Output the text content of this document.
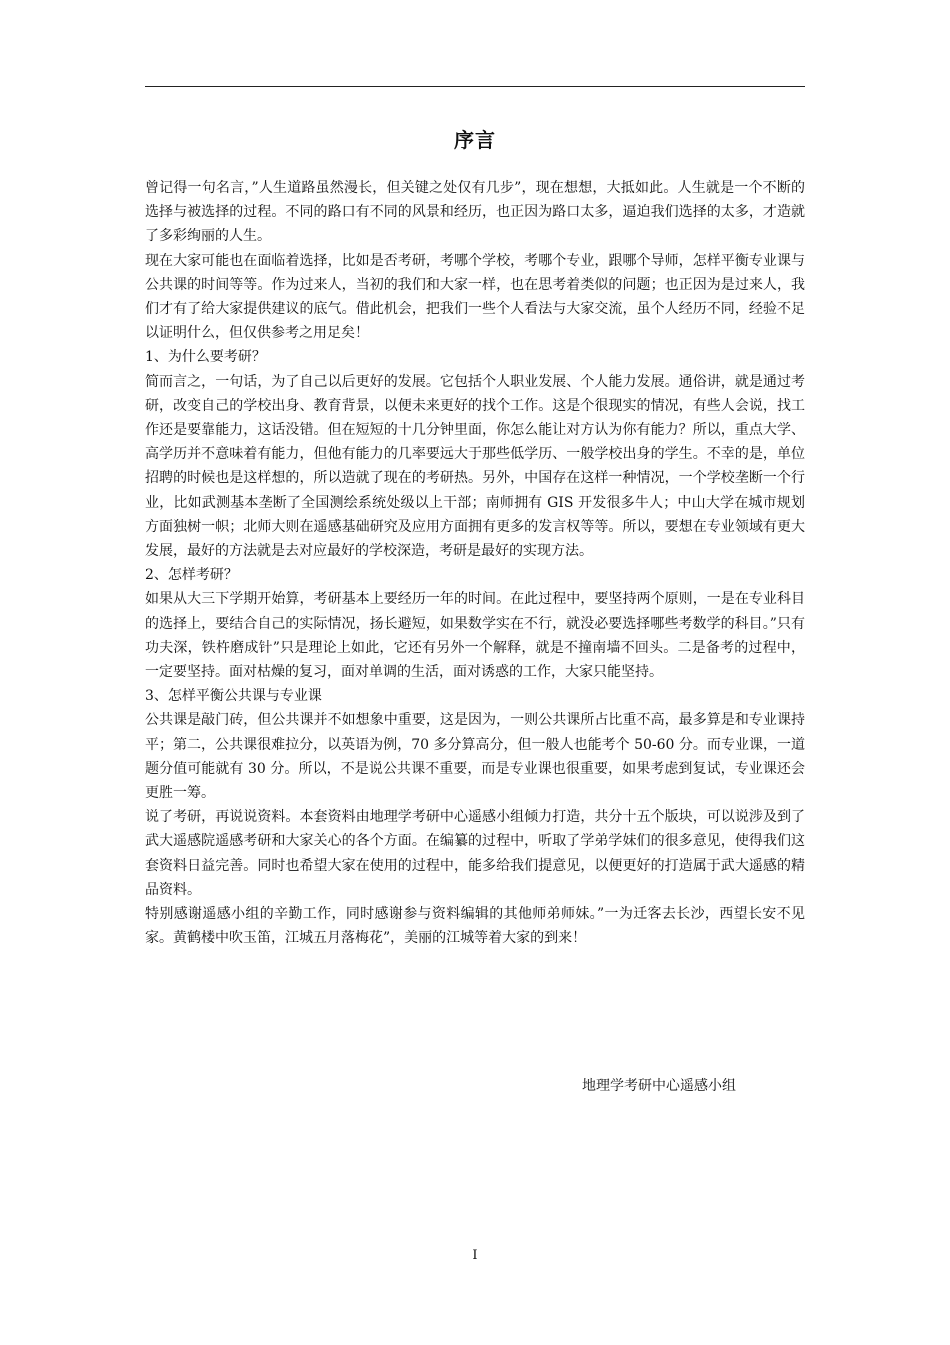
序言

曾记得一句名言，”人生道路虽然漫长，但关键之处仅有几步”，现在想想，大抵如此。人生就是一个不断的选择与被选择的过程。不同的路口有不同的风景和经历，也正因为路口太多，逼迫我们选择的太多，才造就了多彩绚丽的人生。

现在大家可能也在面临着选择，比如是否考研，考哪个学校，考哪个专业，跟哪个导师，怎样平衡专业课与公共课的时间等等。作为过来人，当初的我们和大家一样，也在思考着类似的问题；也正因为是过来人，我们才有了给大家提供建议的底气。借此机会，把我们一些个人看法与大家交流，虽个人经历不同，经验不足以证明什么，但仅供参考之用足矣！

1、为什么要考研？

简而言之，一句话，为了自己以后更好的发展。它包括个人职业发展、个人能力发展。通俗讲，就是通过考研，改变自己的学校出身、教育背景，以便未来更好的找个工作。这是个很现实的情况，有些人会说，找工作还是要靠能力，这话没错。但在短短的十几分钟里面，你怎么能让对方认为你有能力？所以，重点大学、高学历并不意味着有能力，但他有能力的几率要远大于那些低学历、一般学校出身的学生。不幸的是，单位招聘的时候也是这样想的，所以造就了现在的考研热。另外，中国存在这样一种情况，一个学校垄断一个行业，比如武测基本垄断了全国测绘系统处级以上干部；南师拥有 GIS 开发很多牛人；中山大学在城市规划方面独树一帜；北师大则在遥感基础研究及应用方面拥有更多的发言权等等。所以，要想在专业领域有更大发展，最好的方法就是去对应最好的学校深造，考研是最好的实现方法。

2、怎样考研？

如果从大三下学期开始算，考研基本上要经历一年的时间。在此过程中，要坚持两个原则，一是在专业科目的选择上，要结合自己的实际情况，扬长避短，如果数学实在不行，就没必要选择哪些考数学的科目。”只有功夫深，铁杵磨成针”只是理论上如此，它还有另外一个解释，就是不撞南墙不回头。二是备考的过程中，一定要坚持。面对枯燥的复习，面对单调的生活，面对诱惑的工作，大家只能坚持。

3、怎样平衡公共课与专业课

公共课是敲门砖，但公共课并不如想象中重要，这是因为，一则公共课所占比重不高，最多算是和专业课持平；第二，公共课很难拉分，以英语为例，70 多分算高分，但一般人也能考个 50-60 分。而专业课，一道题分值可能就有 30 分。所以，不是说公共课不重要，而是专业课也很重要，如果考虑到复试，专业课还会更胜一筹。

说了考研，再说说资料。本套资料由地理学考研中心遥感小组倾力打造，共分十五个版块，可以说涉及到了武大遥感院遥感考研和大家关心的各个方面。在编纂的过程中，听取了学弟学妹们的很多意见，使得我们这套资料日益完善。同时也希望大家在使用的过程中，能多给我们提意见，以便更好的打造属于武大遥感的精品资料。

特别感谢遥感小组的辛勤工作，同时感谢参与资料编辑的其他师弟师妹。”一为迁客去长沙，西望长安不见家。黄鹤楼中吹玉笛，江城五月落梅花”，美丽的江城等着大家的到来！

地理学考研中心遥感小组
I
